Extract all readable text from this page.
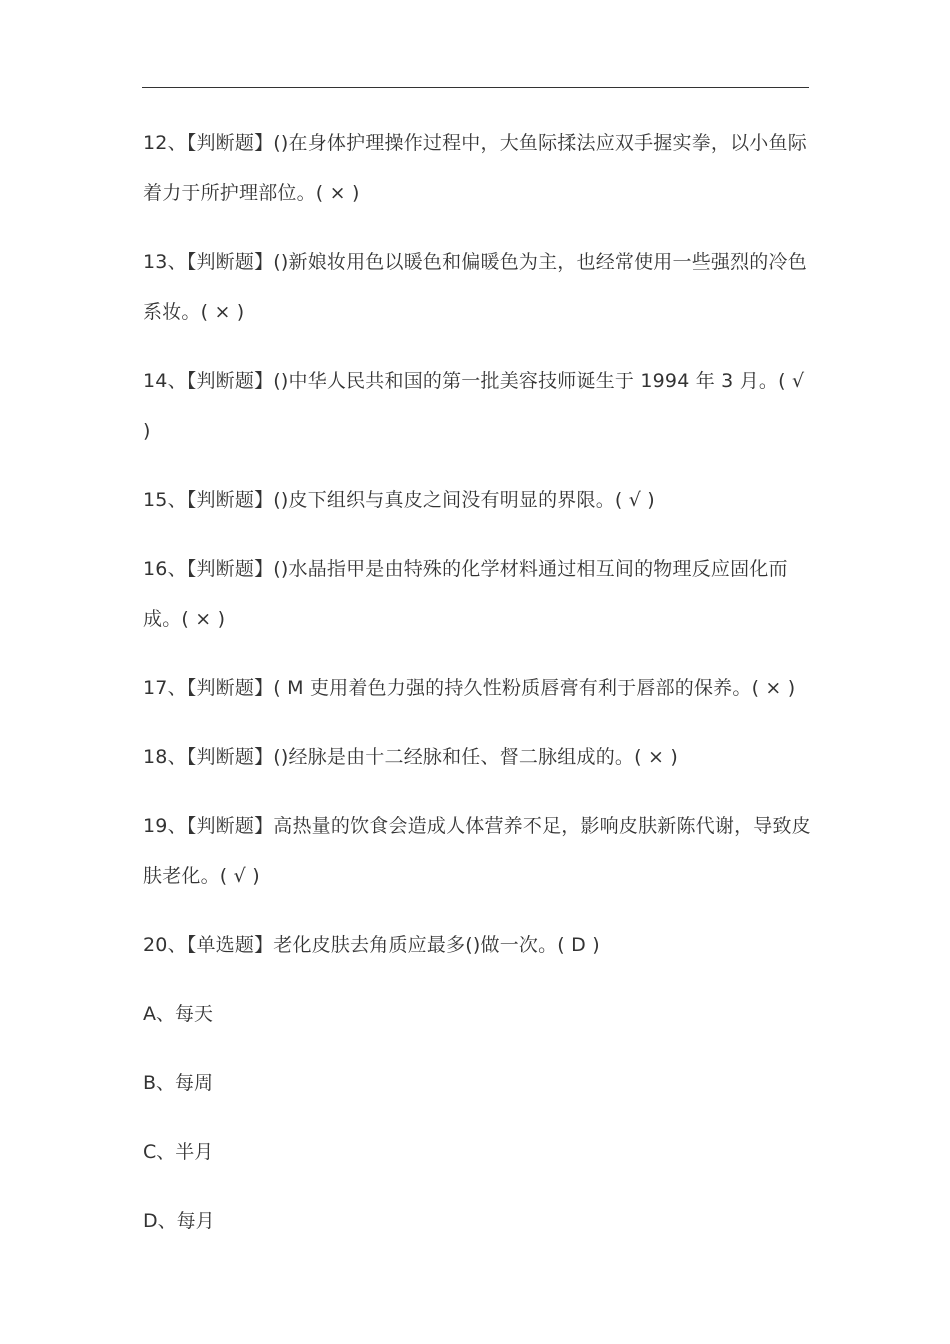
12、【判断题】()在身体护理操作过程中，大鱼际揉法应双手握实拳，以小鱼际着力于所护理部位。( × )

13、【判断题】()新娘妆用色以暖色和偏暖色为主，也经常使用一些强烈的冷色系妆。( × )

14、【判断题】()中华人民共和国的第一批美容技师诞生于 1994 年 3 月。( √ )

15、【判断题】()皮下组织与真皮之间没有明显的界限。( √ )

16、【判断题】()水晶指甲是由特殊的化学材料通过相互间的物理反应固化而成。( × )

17、【判断题】( M 吏用着色力强的持久性粉质唇膏有利于唇部的保养。( × )

18、【判断题】()经脉是由十二经脉和任、督二脉组成的。( × )

19、【判断题】高热量的饮食会造成人体营养不足，影响皮肤新陈代谢，导致皮肤老化。( √ )

20、【单选题】老化皮肤去角质应最多()做一次。( D )

A、每天

B、每周

C、半月

D、每月
